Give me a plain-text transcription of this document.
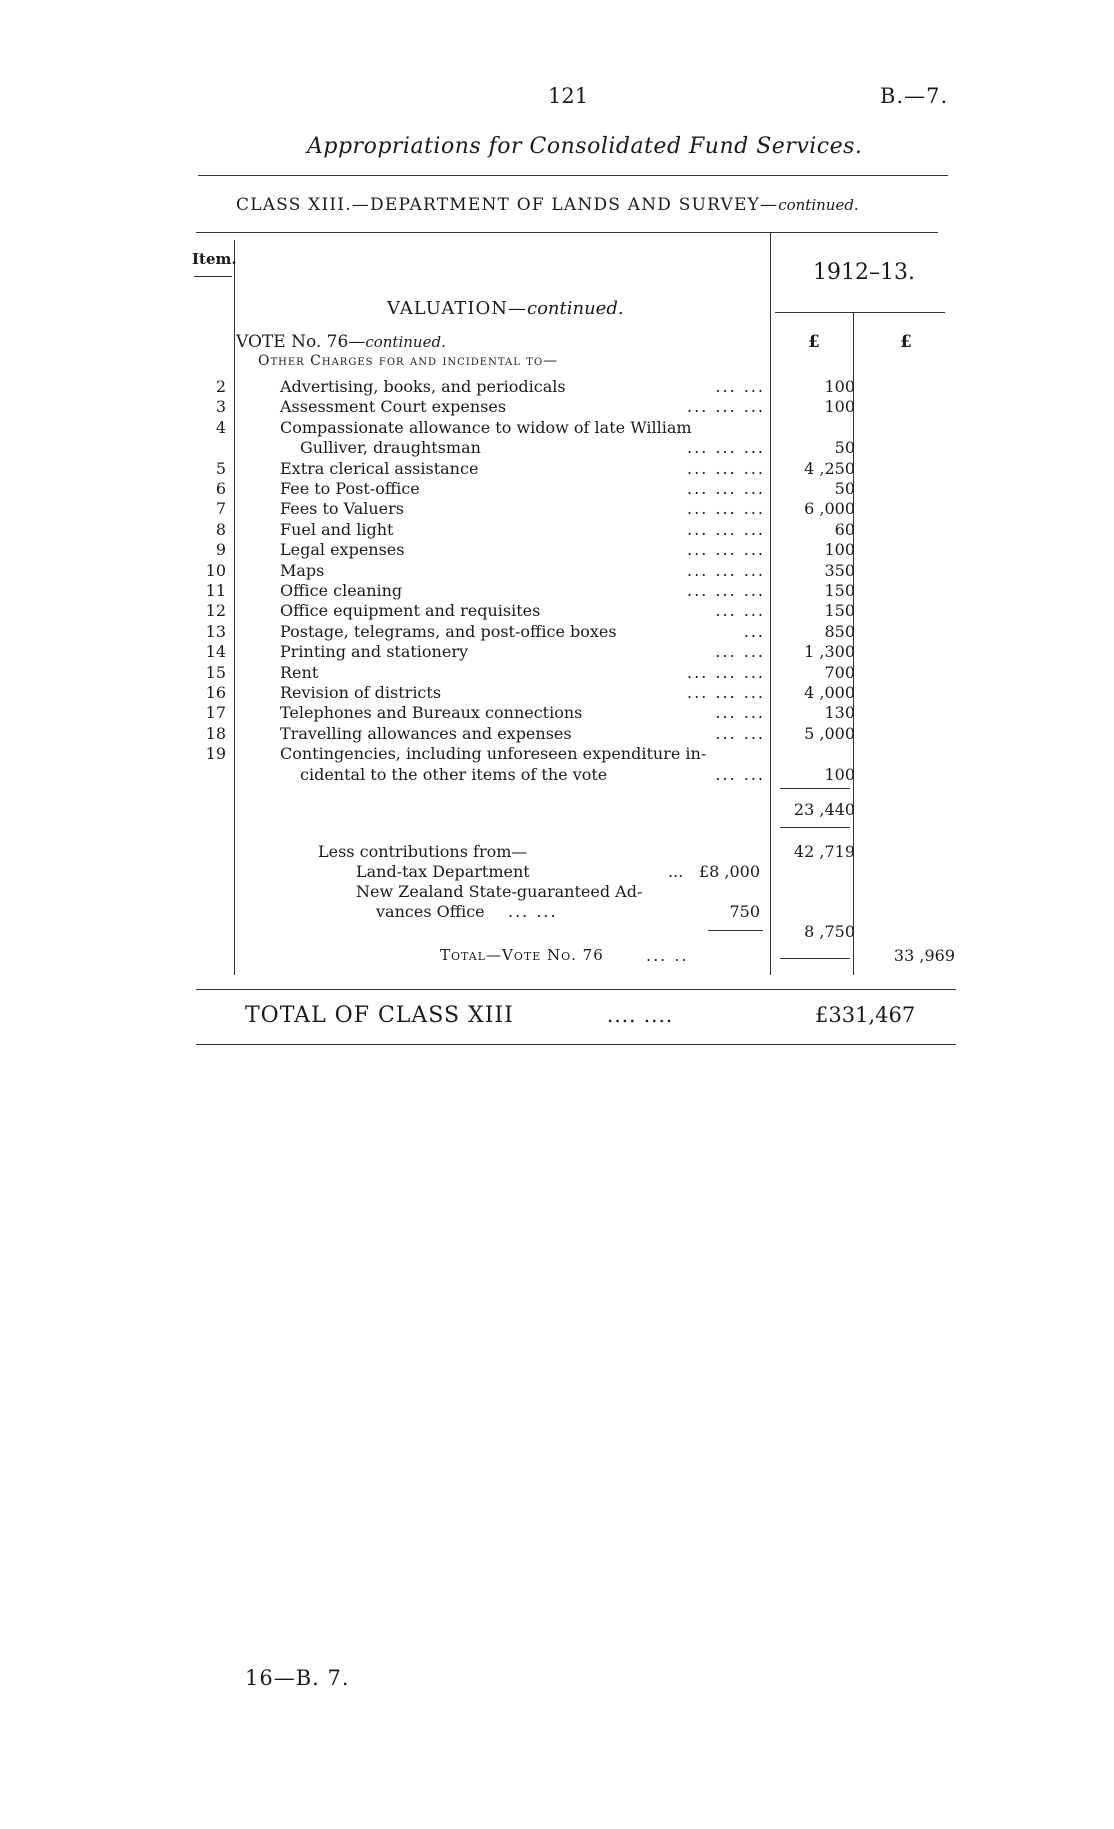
121	B.—7.
Appropriations for Consolidated Fund Services.
CLASS XIII.—DEPARTMENT OF LANDS AND SURVEY—continued.
Item.
1912–13.
VALUATION—continued.
VOTE No. 76—continued.	£	£
Other Charges for and incidental to—
2	Advertising, books, and periodicals	... ...	100
3	Assessment Court expenses	... ... ...	100
4	Compassionate allowance to widow of late William
Gulliver, draughtsman	... ... ...	50
5	Extra clerical assistance	... ... ...	4 ,250
6	Fee to Post-office	... ... ...	50
7	Fees to Valuers	... ... ...	6 ,000
8	Fuel and light	... ... ...	60
9	Legal expenses	... ... ...	100
10	Maps	... ... ...	350
11	Office cleaning	... ... ...	150
12	Office equipment and requisites	... ...	150
13	Postage, telegrams, and post-office boxes	...	850
14	Printing and stationery	... ...	1 ,300
15	Rent	... ... ...	700
16	Revision of districts	... ... ...	4 ,000
17	Telephones and Bureaux connections	... ...	130
18	Travelling allowances and expenses	... ...	5 ,000
19	Contingencies, including unforeseen expenditure in-
cidental to the other items of the vote	... ...	100
23 ,440
Less contributions from—	42 ,719
Land-tax Department	... £8 ,000
New Zealand State-guaranteed Ad-
vances Office ... ...	750
8 ,750
Total—Vote No. 76	... ..	33 ,969
TOTAL OF CLASS XIII	.... ....	£331,467
16—B. 7.
